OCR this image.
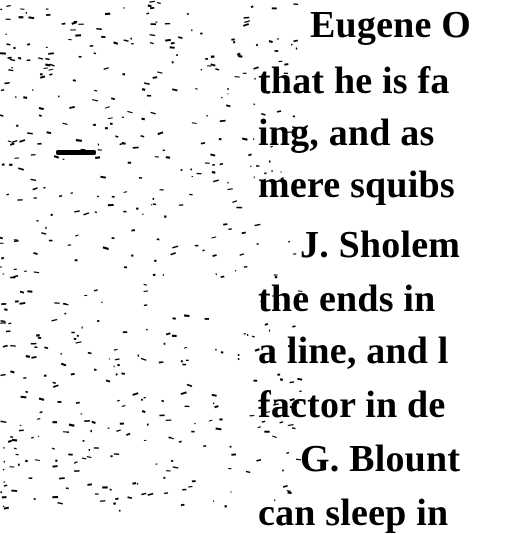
Eugene O
that he is fa
ing, and as
mere squibs
J. Sholem
the ends in
a line, and l
factor in de
G. Blount
can sleep in
